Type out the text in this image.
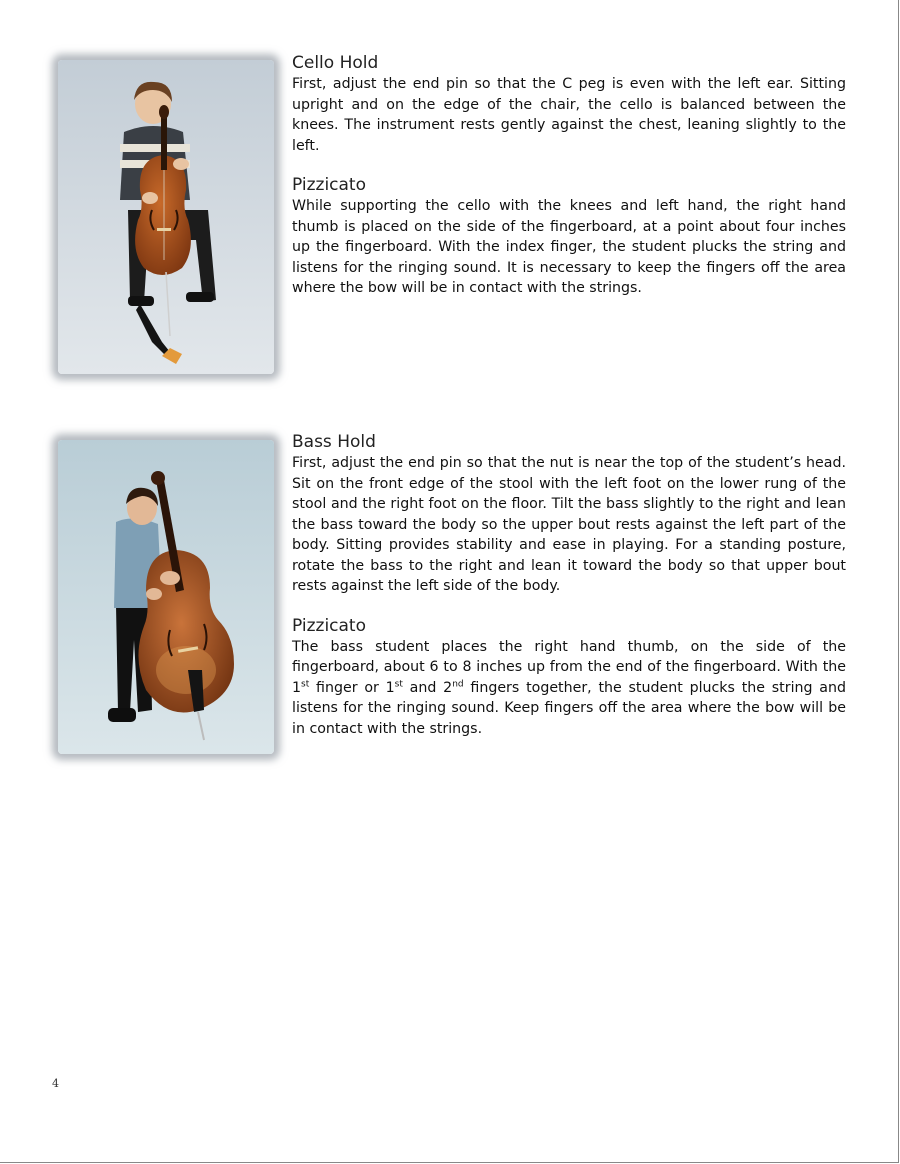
Cello Hold

First, adjust the end pin so that the C peg is even with the left ear. Sitting upright and on the edge of the chair, the cello is balanced between the knees. The instrument rests gently against the chest, leaning slightly to the left.

Pizzicato

While supporting the cello with the knees and left hand, the right hand thumb is placed on the side of the fingerboard, at a point about four inches up the fingerboard. With the index finger, the student plucks the string and listens for the ringing sound. It is necessary to keep the fingers off the area where the bow will be in contact with the strings.

Bass Hold

First, adjust the end pin so that the nut is near the top of the student’s head. Sit on the front edge of the stool with the left foot on the lower rung of the stool and the right foot on the floor. Tilt the bass slightly to the right and lean the bass toward the body so the upper bout rests against the left part of the body. Sitting provides stability and ease in playing. For a standing posture, rotate the bass to the right and lean it toward the body so that upper bout rests against the left side of the body.

Pizzicato

The bass student places the right hand thumb, on the side of the fingerboard, about 6 to 8 inches up from the end of the fingerboard. With the 1st finger or 1st and 2nd fingers together, the student plucks the string and listens for the ringing sound. Keep fingers off the area where the bow will be in contact with the strings.

4
